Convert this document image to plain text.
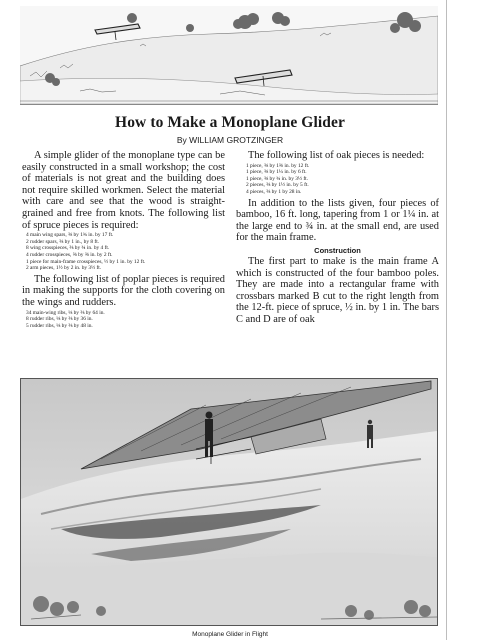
How to Make a Monoplane Glider

By WILLIAM GROTZINGER

A simple glider of the monoplane type can be easily constructed in a small workshop; the cost of materials is not great and the building does not require skilled workmen. Select the material with care and see that the wood is straight-grained and free from knots. The following list of spruce pieces is required:

4 main wing spars, ⅜ by 1¾ in. by 17 ft.
2 rudder spars, ⅜ by 1 in., by 8 ft.
8 wing crosspieces, ⅜ by ¾ in. by 4 ft.
4 rudder crosspieces, ⅜ by ⅜ in. by 2 ft.
1 piece for main-frame crosspieces, ½ by 1 in. by 12 ft.
2 arm pieces, 1½ by 2 in. by 3½ ft.

The following list of poplar pieces is required in making the supports for the cloth covering on the wings and rudders.

34 main-wing ribs, ⅛ by ⅜ by 64 in.
8 rudder ribs, ⅛ by ⅜ by 36 in.
5 rudder ribs, ⅛ by ⅜ by 48 in.

The following list of oak pieces is needed:

1 piece, ⅜ by 1⅜ in. by 12 ft.
1 piece, ⅜ by 1¼ in. by 6 ft.
1 piece, ⅜ by ¾ in. by 3½ ft.
2 pieces, ⅜ by 1½ in. by 5 ft.
4 pieces, ⅜ by 1 by 28 in.

In addition to the lists given, four pieces of bamboo, 16 ft. long, tapering from 1 or 1¼ in. at the large end to ¾ in. at the small end, are used for the main frame.

Construction

The first part to make is the main frame A which is constructed of the four bamboo poles. They are made into a rectangular frame with crossbars marked B cut to the right length from the 12-ft. piece of spruce, ½ in. by 1 in. The bars C and D are of oak

Monoplane Glider in Flight
